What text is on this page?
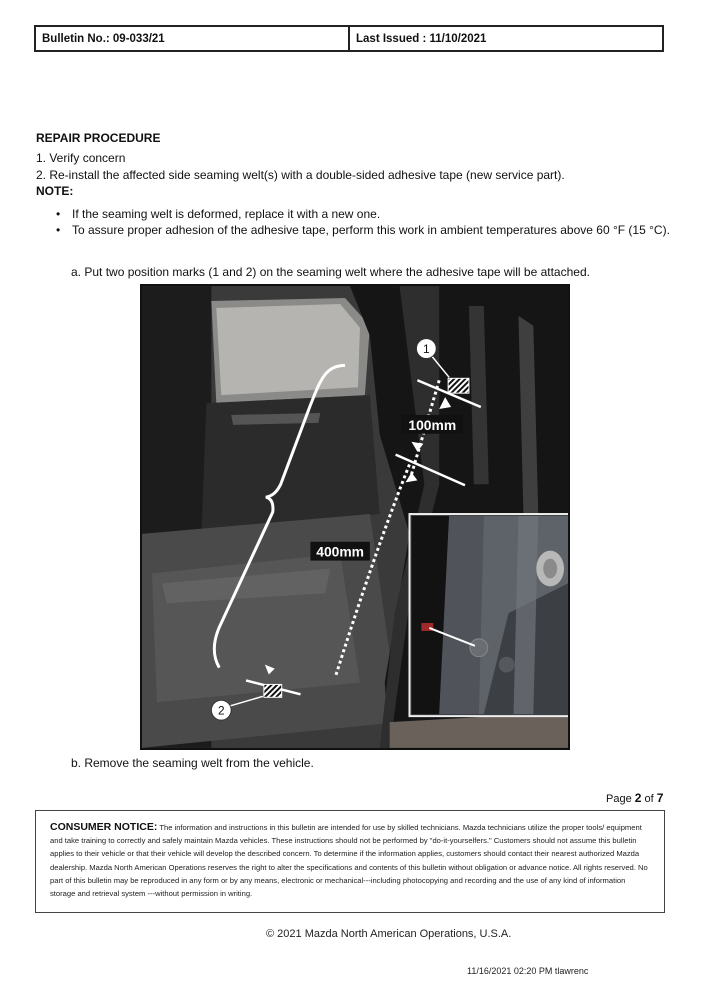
Bulletin No.: 09-033/21	Last Issued : 11/10/2021
REPAIR PROCEDURE
1. Verify concern
2. Re-install the affected side seaming welt(s) with a double-sided adhesive tape (new service part).
NOTE:
• If the seaming welt is deformed, replace it with a new one.
• To assure proper adhesion of the adhesive tape, perform this work in ambient temperatures above 60 °F (15 °C).
a. Put two position marks (1 and 2) on the seaming welt where the adhesive tape will be attached.
1
2
100mm
400mm
b. Remove the seaming welt from the vehicle.
Page 2 of 7
CONSUMER NOTICE: The information and instructions in this bulletin are intended for use by skilled technicians. Mazda technicians utilize the proper tools/ equipment and take training to correctly and safely maintain Mazda vehicles. These instructions should not be performed by "do-it-yourselfers." Customers should not assume this bulletin applies to their vehicle or that their vehicle will develop the described concern. To determine if the information applies, customers should contact their nearest authorized Mazda dealership. Mazda North American Operations reserves the right to alter the specifications and contents of this bulletin without obligation or advance notice. All rights reserved. No part of this bulletin may be reproduced in any form or by any means, electronic or mechanical---including photocopying and recording and the use of any kind of information storage and retrieval system ---without permission in writing.
© 2021 Mazda North American Operations, U.S.A.
11/16/2021 02:20 PM tlawrenc
